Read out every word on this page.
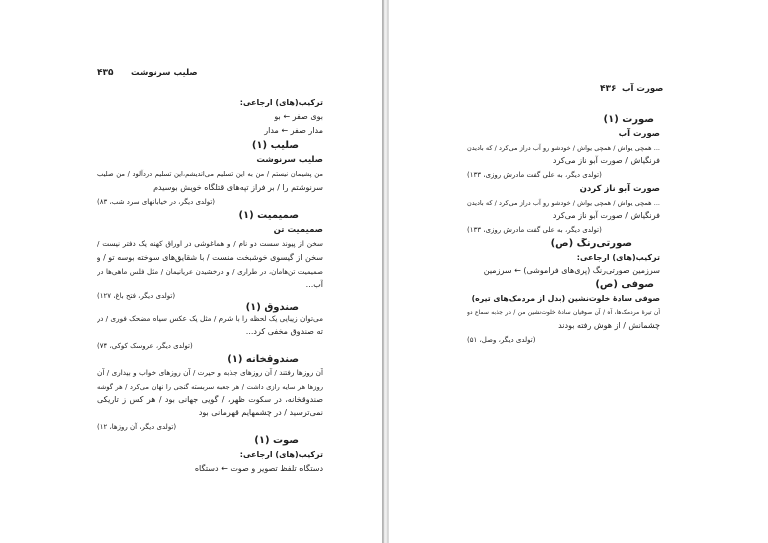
۴۳۵ صلیب سرنوشت
ترکیب(های) ارجاعی:
بوی صفر ← بو
مدار صفر ← مدار
صلیب (۱)
صلیب سرنوشت
من پشیمان نیستم / من به این تسلیم می‌اندیشم،این تسلیم دردآلود / من صلیب
سرنوشتم را / بر فراز تپه‌های قتلگاه خویش بوسیدم
(تولدی دیگر، در خیابانهای سرد شب، ۸۳)
صمیمیت (۱)
صمیمیت تن
سخن از پیوند سست دو نام / و هماغوشی در اوراق کهنه یک دفتر نیست /
سخن از گیسوی خوشبخت منست / با شقایق‌های سوخته بوسه تو / و
صمیمیت تن‌هامان، در طراری / و درخشیدن عریانیمان / مثل فلس ماهی‌ها در
آب...
(تولدی دیگر، فتح باغ، ۱۲۷)
صندوق (۱)
می‌توان زیبایی یک لحظه را با شرم / مثل یک عکس سیاه مضحک فوری / در
ته صندوق مخفی کرد...
(تولدی دیگر، عروسک کوکی، ۷۴)
صندوقخانه (۱)
آن روزها رفتند / آن روزهای جذبه و حیرت / آن روزهای خواب و بیداری / آن
روزها هر سایه رازی داشت / هر جعبه سربسته گنجی را نهان می‌کرد / هر گوشه
صندوقخانه، در سکوت ظهر، / گویی جهانی بود / هر کس ز تاریکی
نمی‌ترسید / در چشمهایم قهرمانی بود
(تولدی دیگر، آن روزها، ۱۲)
صوت (۱)
ترکیب(های) ارجاعی:
دستگاه تلفظ تصویر و صوت ← دستگاه
۴۳۶ صورت آب
صورت (۱)
صورت آب
... همچی یواش / همچی یواش / خودشو رو آب دراز می‌کرد / که بادیدن
فرنگیاش / صورت آبو ناز می‌کرد
(تولدی دیگر، به علی گفت مادرش روزی، ۱۳۳)
صورت آبو ناز کردن
... همچی یواش / همچی یواش / خودشو رو آب دراز می‌کرد / که بادیدن
فرنگیاش / صورت آبو ناز می‌کرد
(تولدی دیگر، به علی گفت مادرش روزی، ۱۳۳)
صورتی‌رنگ (ص)
ترکیب(های) ارجاعی:
سرزمین صورتی‌رنگ (پری‌های فراموشی) ← سرزمین
صوفی (ص)
صوفی سادهٔ خلوت‌نشین (بدل از مردمک‌های تیره)
آن تیرهٔ مردمک‌ها، آه / آن صوفیان سادهٔ خلوت‌نشین من / در جذبه سماع دو
چشمانش / از هوش رفته بودند
(تولدی دیگر، وصل، ۵۱)
